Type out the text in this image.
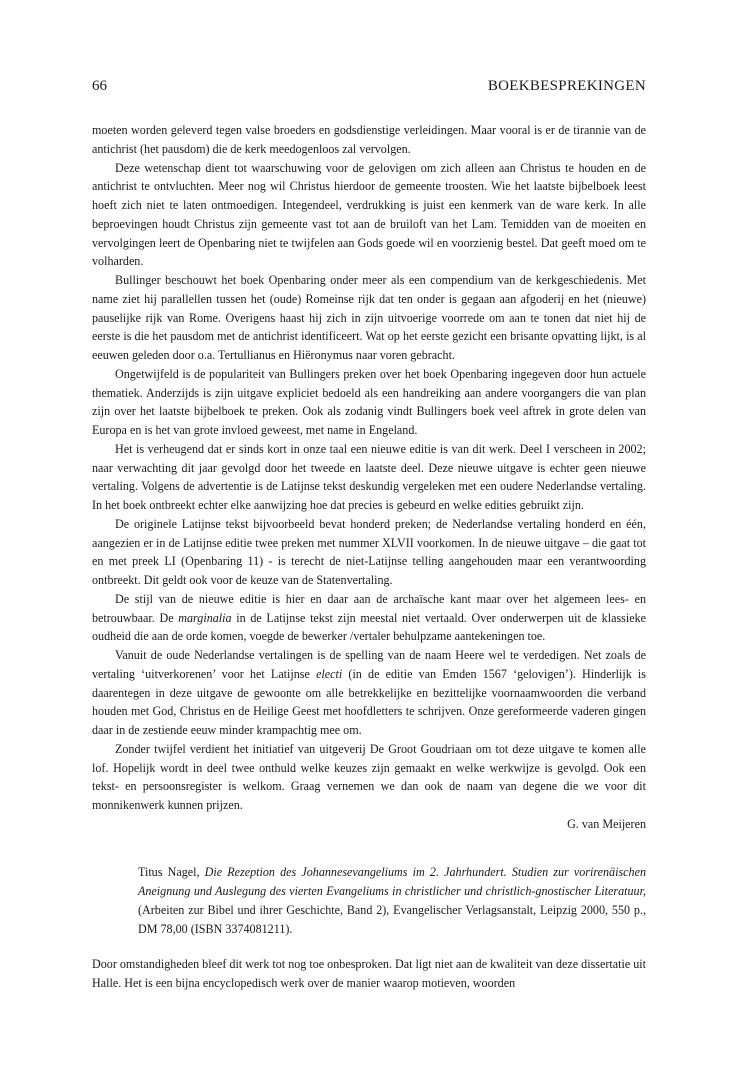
66	BOEKBESPREKINGEN

moeten worden geleverd tegen valse broeders en godsdienstige verleidingen. Maar vooral is er de tirannie van de antichrist (het pausdom) die de kerk meedogenloos zal vervolgen.

Deze wetenschap dient tot waarschuwing voor de gelovigen om zich alleen aan Christus te houden en de antichrist te ontvluchten. Meer nog wil Christus hierdoor de gemeente troosten. Wie het laatste bijbelboek leest hoeft zich niet te laten ontmoedigen. Integendeel, verdrukking is juist een kenmerk van de ware kerk. In alle beproevingen houdt Christus zijn gemeente vast tot aan de bruiloft van het Lam. Temidden van de moeiten en vervolgingen leert de Openbaring niet te twijfelen aan Gods goede wil en voorzienig bestel. Dat geeft moed om te volharden.

Bullinger beschouwt het boek Openbaring onder meer als een compendium van de kerkgeschiedenis. Met name ziet hij parallellen tussen het (oude) Romeinse rijk dat ten onder is gegaan aan afgoderij en het (nieuwe) pauselijke rijk van Rome. Overigens haast hij zich in zijn uitvoerige voorrede om aan te tonen dat niet hij de eerste is die het pausdom met de antichrist identificeert. Wat op het eerste gezicht een brisante opvatting lijkt, is al eeuwen geleden door o.a. Tertullianus en Hiëronymus naar voren gebracht.

Ongetwijfeld is de populariteit van Bullingers preken over het boek Openbaring ingegeven door hun actuele thematiek. Anderzijds is zijn uitgave expliciet bedoeld als een handreiking aan andere voorgangers die van plan zijn over het laatste bijbelboek te preken. Ook als zodanig vindt Bullingers boek veel aftrek in grote delen van Europa en is het van grote invloed geweest, met name in Engeland.

Het is verheugend dat er sinds kort in onze taal een nieuwe editie is van dit werk. Deel I verscheen in 2002; naar verwachting dit jaar gevolgd door het tweede en laatste deel. Deze nieuwe uitgave is echter geen nieuwe vertaling. Volgens de advertentie is de Latijnse tekst deskundig vergeleken met een oudere Nederlandse vertaling. In het boek ontbreekt echter elke aanwijzing hoe dat precies is gebeurd en welke edities gebruikt zijn.

De originele Latijnse tekst bijvoorbeeld bevat honderd preken; de Nederlandse vertaling honderd en één, aangezien er in de Latijnse editie twee preken met nummer XLVII voorkomen. In de nieuwe uitgave – die gaat tot en met preek LI (Openbaring 11) - is terecht de niet-Latijnse telling aangehouden maar een verantwoording ontbreekt. Dit geldt ook voor de keuze van de Statenvertaling.

De stijl van de nieuwe editie is hier en daar aan de archaïsche kant maar over het algemeen lees- en betrouwbaar. De marginalia in de Latijnse tekst zijn meestal niet vertaald. Over onderwerpen uit de klassieke oudheid die aan de orde komen, voegde de bewerker /vertaler behulpzame aantekeningen toe.

Vanuit de oude Nederlandse vertalingen is de spelling van de naam Heere wel te verdedigen. Net zoals de vertaling ‘uitverkorenen’ voor het Latijnse electi (in de editie van Emden 1567 ‘gelovigen’). Hinderlijk is daarentegen in deze uitgave de gewoonte om alle betrekkelijke en bezittelijke voornaamwoorden die verband houden met God, Christus en de Heilige Geest met hoofdletters te schrijven. Onze gereformeerde vaderen gingen daar in de zestiende eeuw minder krampachtig mee om.

Zonder twijfel verdient het initiatief van uitgeverij De Groot Goudriaan om tot deze uitgave te komen alle lof. Hopelijk wordt in deel twee onthuld welke keuzes zijn gemaakt en welke werkwijze is gevolgd. Ook een tekst- en persoonsregister is welkom. Graag vernemen we dan ook de naam van degene die we voor dit monnikenwerk kunnen prijzen.

G. van Meijeren

Titus Nagel, Die Rezeption des Johannesevangeliums im 2. Jahrhundert. Studien zur vorirenäischen Aneignung und Auslegung des vierten Evangeliums in christlicher und christlich-gnostischer Literatuur, (Arbeiten zur Bibel und ihrer Geschichte, Band 2), Evangelischer Verlagsanstalt, Leipzig 2000, 550 p., DM 78,00 (ISBN 3374081211).

Door omstandigheden bleef dit werk tot nog toe onbesproken. Dat ligt niet aan de kwaliteit van deze dissertatie uit Halle. Het is een bijna encyclopedisch werk over de manier waarop motieven, woorden
